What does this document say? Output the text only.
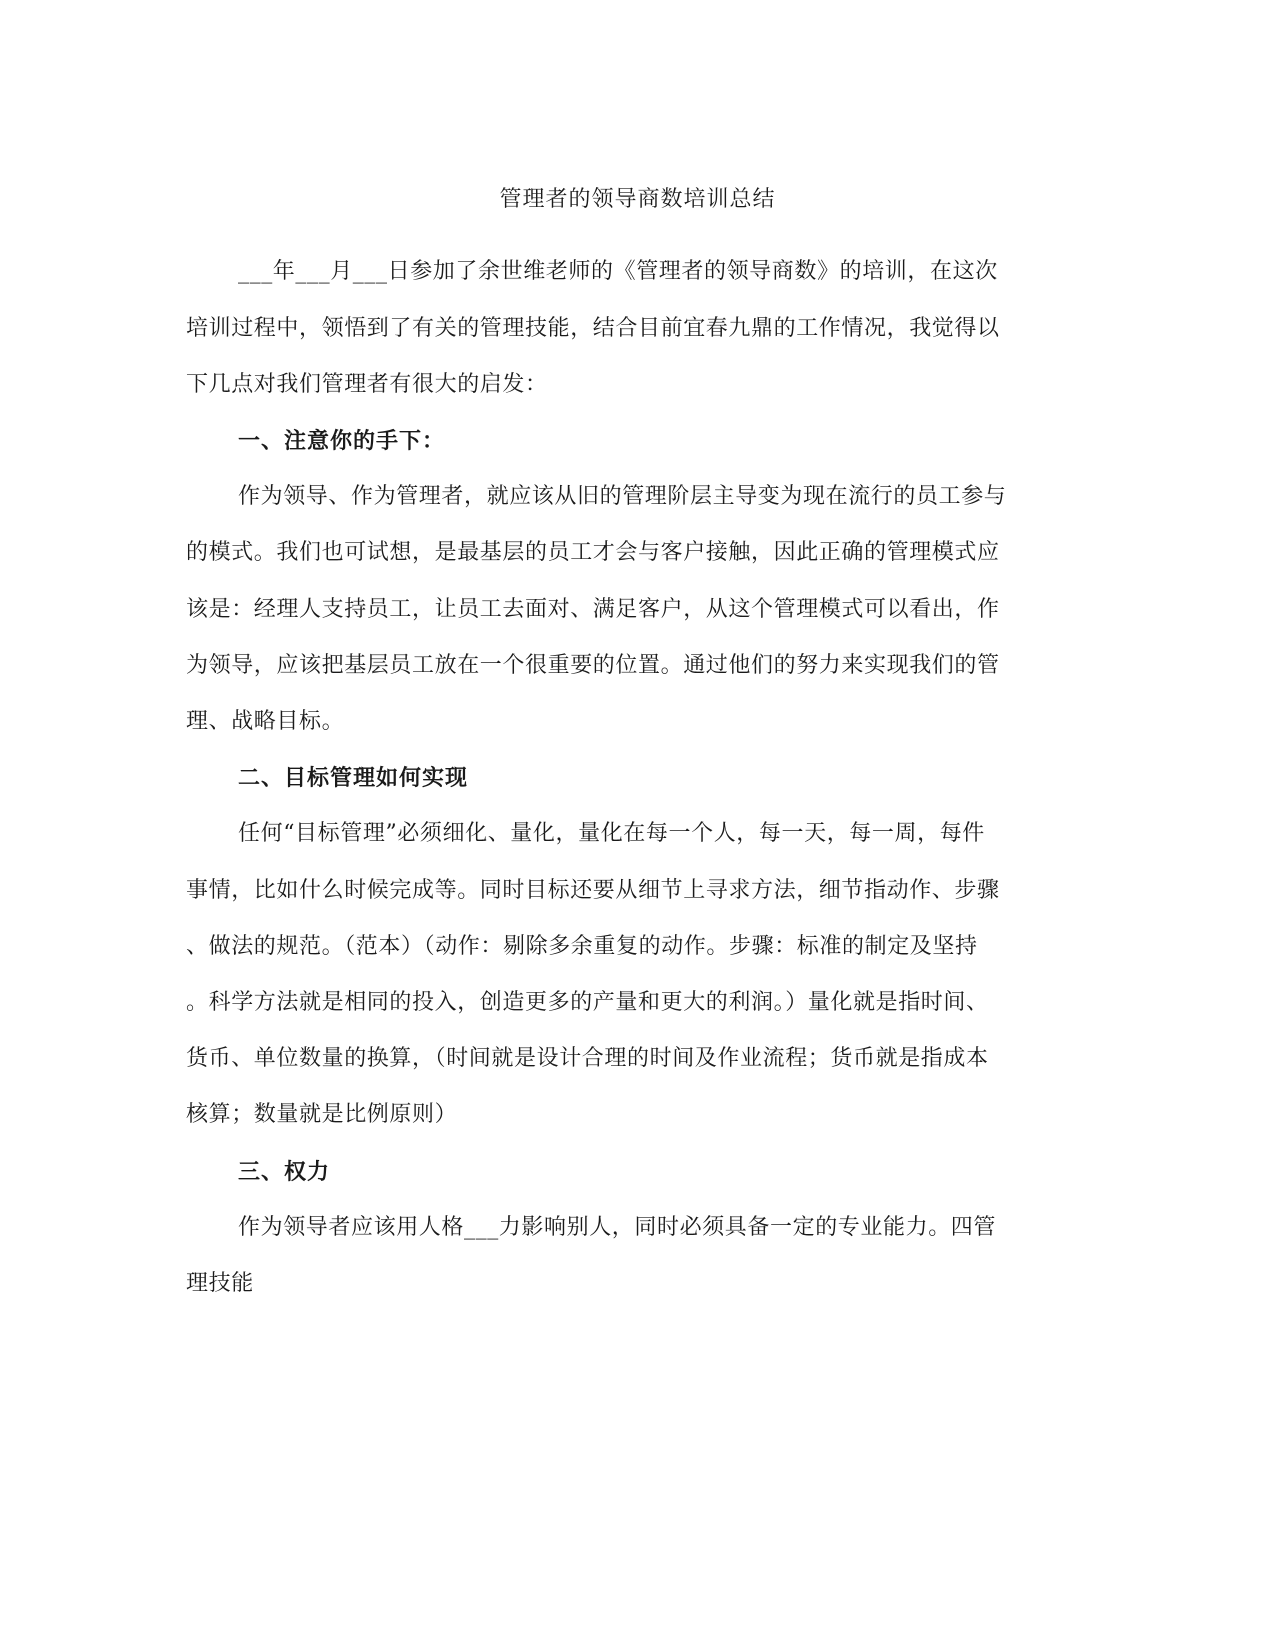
管理者的领导商数培训总结
___年___月___日参加了余世维老师的《管理者的领导商数》的培训，在这次
培训过程中，领悟到了有关的管理技能，结合目前宜春九鼎的工作情况，我觉得以
下几点对我们管理者有很大的启发：
一、注意你的手下：
作为领导、作为管理者，就应该从旧的管理阶层主导变为现在流行的员工参与
的模式。我们也可试想，是最基层的员工才会与客户接触，因此正确的管理模式应
该是：经理人支持员工，让员工去面对、满足客户，从这个管理模式可以看出，作
为领导，应该把基层员工放在一个很重要的位置。通过他们的努力来实现我们的管
理、战略目标。
二、目标管理如何实现
任何“目标管理”必须细化、量化，量化在每一个人，每一天，每一周，每件
事情，比如什么时候完成等。同时目标还要从细节上寻求方法，细节指动作、步骤
、做法的规范。（范本）（动作：剔除多余重复的动作。步骤：标准的制定及坚持
。科学方法就是相同的投入，创造更多的产量和更大的利润。）量化就是指时间、
货币、单位数量的换算，（时间就是设计合理的时间及作业流程；货币就是指成本
核算；数量就是比例原则）
三、权力
作为领导者应该用人格___力影响别人，同时必须具备一定的专业能力。四管
理技能
